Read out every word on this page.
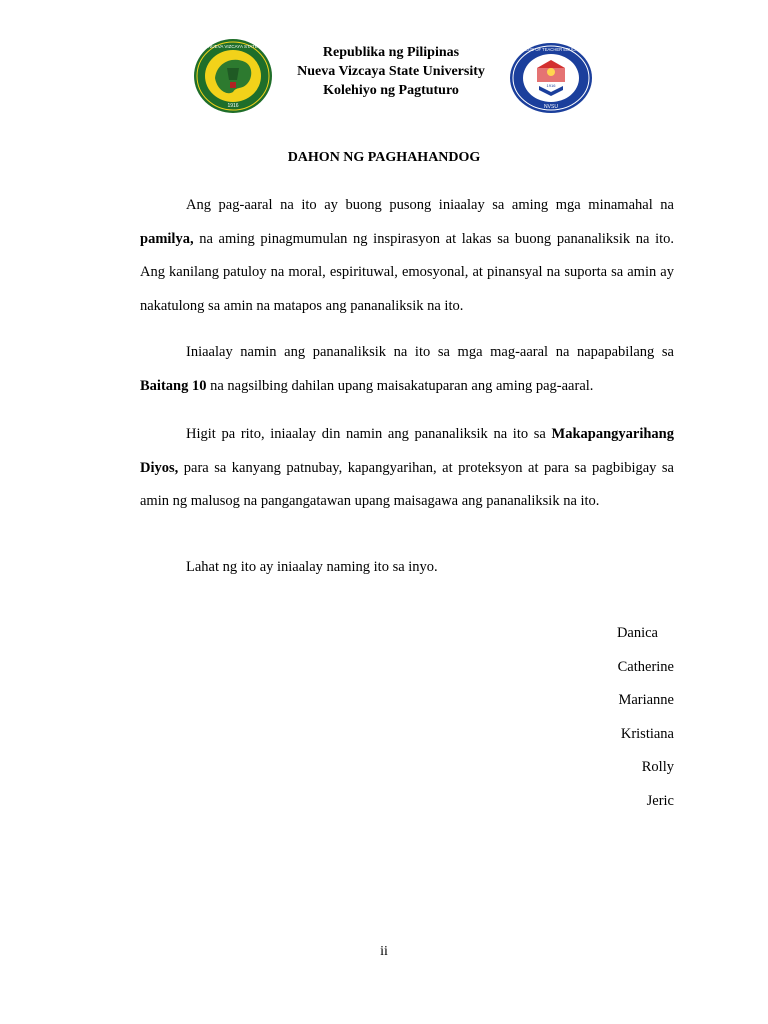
1916
NUEVA VIZCAYA STATE	Republika ng Pilipinas
Nueva Vizcaya State University
Kolehiyo ng Pagtuturo	1916
NVSU
COLLEGE OF TEACHER EDUCATION
DAHON NG PAGHAHANDOG
Ang pag-aaral na ito ay buong pusong iniaalay sa aming mga minamahal na pamilya, na aming pinagmumulan ng inspirasyon at lakas sa buong pananaliksik na ito. Ang kanilang patuloy na moral, espirituwal, emosyonal, at pinansyal na suporta sa amin ay nakatulong sa amin na matapos ang pananaliksik na ito.
Iniaalay namin ang pananaliksik na ito sa mga mag-aaral na napapabilang sa Baitang 10 na nagsilbing dahilan upang maisakatuparan ang aming pag-aaral.
Higit pa rito, iniaalay din namin ang pananaliksik na ito sa Makapangyarihang Diyos, para sa kanyang patnubay, kapangyarihan, at proteksyon at para sa pagbibigay sa amin ng malusog na pangangatawan upang maisagawa ang pananaliksik na ito.
Lahat ng ito ay iniaalay naming ito sa inyo.
Danica
Catherine
Marianne
Kristiana
Rolly
Jeric
ii
